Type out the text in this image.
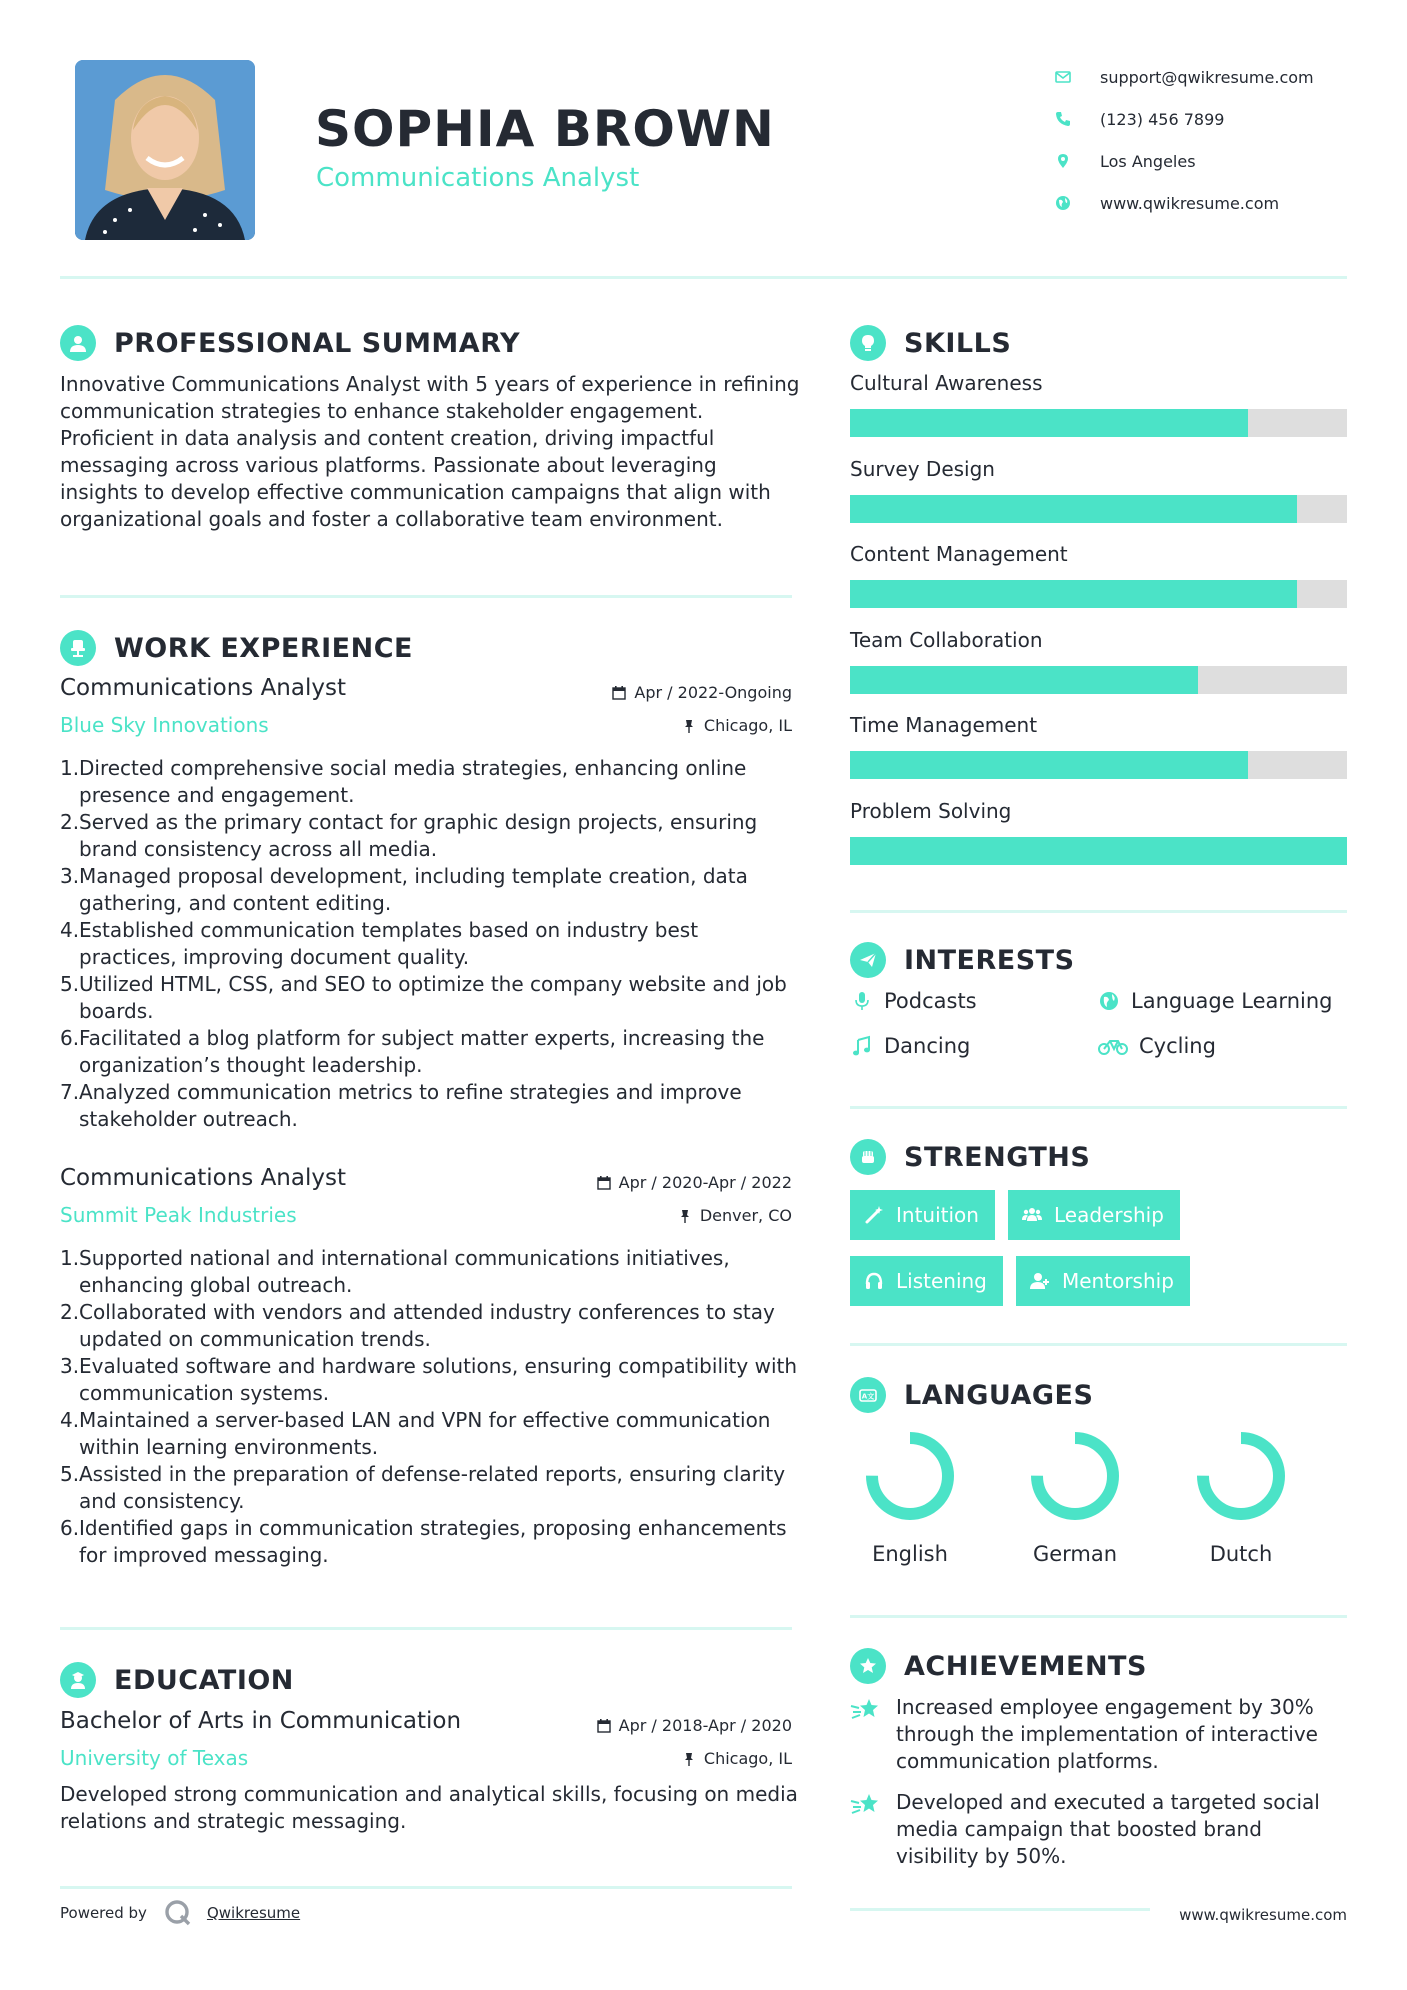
SOPHIA BROWN
Communications Analyst
support@qwikresume.com
(123) 456 7899
Los Angeles
www.qwikresume.com
PROFESSIONAL SUMMARY
Innovative Communications Analyst with 5 years of experience in refining communication strategies to enhance stakeholder engagement. Proficient in data analysis and content creation, driving impactful messaging across various platforms. Passionate about leveraging insights to develop effective communication campaigns that align with organizational goals and foster a collaborative team environment.
WORK EXPERIENCE
Communications Analyst
Blue Sky Innovations
Apr / 2022-Ongoing
Chicago, IL
1. Directed comprehensive social media strategies, enhancing online presence and engagement.
2. Served as the primary contact for graphic design projects, ensuring brand consistency across all media.
3. Managed proposal development, including template creation, data gathering, and content editing.
4. Established communication templates based on industry best practices, improving document quality.
5. Utilized HTML, CSS, and SEO to optimize the company website and job boards.
6. Facilitated a blog platform for subject matter experts, increasing the organization’s thought leadership.
7. Analyzed communication metrics to refine strategies and improve stakeholder outreach.
Communications Analyst
Summit Peak Industries
Apr / 2020-Apr / 2022
Denver, CO
1. Supported national and international communications initiatives, enhancing global outreach.
2. Collaborated with vendors and attended industry conferences to stay updated on communication trends.
3. Evaluated software and hardware solutions, ensuring compatibility with communication systems.
4. Maintained a server-based LAN and VPN for effective communication within learning environments.
5. Assisted in the preparation of defense-related reports, ensuring clarity and consistency.
6. Identified gaps in communication strategies, proposing enhancements for improved messaging.
EDUCATION
Bachelor of Arts in Communication
University of Texas
Apr / 2018-Apr / 2020
Chicago, IL
Developed strong communication and analytical skills, focusing on media relations and strategic messaging.
SKILLS
Cultural Awareness
Survey Design
Content Management
Team Collaboration
Time Management
Problem Solving
INTERESTS
Podcasts	Language Learning
Dancing	Cycling
STRENGTHS
Intuition	Leadership
Listening	Mentorship
A文 LANGUAGES
English	German	Dutch
ACHIEVEMENTS
Increased employee engagement by 30% through the implementation of interactive communication platforms.
Developed and executed a targeted social media campaign that boosted brand visibility by 50%.
Powered by	Qwikresume	www.qwikresume.com
